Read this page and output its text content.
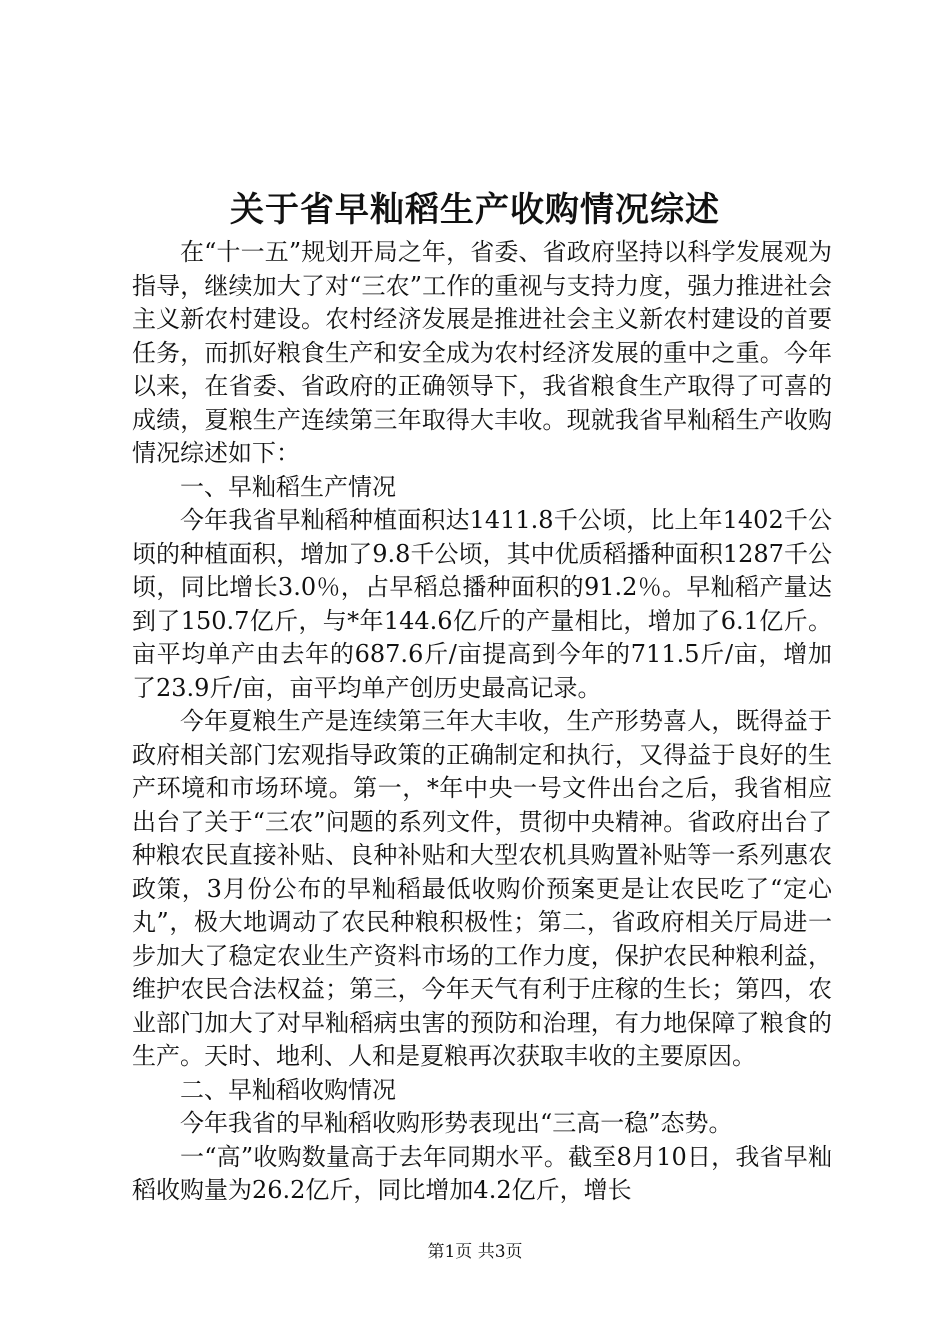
关于省早籼稻生产收购情况综述

在“十一五”规划开局之年，省委、省政府坚持以科学发展观为指导，继续加大了对“三农”工作的重视与支持力度，强力推进社会主义新农村建设。农村经济发展是推进社会主义新农村建设的首要任务，而抓好粮食生产和安全成为农村经济发展的重中之重。今年以来，在省委、省政府的正确领导下，我省粮食生产取得了可喜的成绩，夏粮生产连续第三年取得大丰收。现就我省早籼稻生产收购情况综述如下：

一、早籼稻生产情况

今年我省早籼稻种植面积达1411.8千公顷，比上年1402千公顷的种植面积，增加了9.8千公顷，其中优质稻播种面积1287千公顷，同比增长3.0％，占早稻总播种面积的91.2％。早籼稻产量达到了150.7亿斤，与*年144.6亿斤的产量相比，增加了6.1亿斤。亩平均单产由去年的687.6斤/亩提高到今年的711.5斤/亩，增加了23.9斤/亩，亩平均单产创历史最高记录。

今年夏粮生产是连续第三年大丰收，生产形势喜人，既得益于政府相关部门宏观指导政策的正确制定和执行，又得益于良好的生产环境和市场环境。第一，*年中央一号文件出台之后，我省相应出台了关于“三农”问题的系列文件，贯彻中央精神。省政府出台了种粮农民直接补贴、良种补贴和大型农机具购置补贴等一系列惠农政策，3月份公布的早籼稻最低收购价预案更是让农民吃了“定心丸”，极大地调动了农民种粮积极性；第二，省政府相关厅局进一步加大了稳定农业生产资料市场的工作力度，保护农民种粮利益，维护农民合法权益；第三，今年天气有利于庄稼的生长；第四，农业部门加大了对早籼稻病虫害的预防和治理，有力地保障了粮食的生产。天时、地利、人和是夏粮再次获取丰收的主要原因。

二、早籼稻收购情况

今年我省的早籼稻收购形势表现出“三高一稳”态势。

一“高”收购数量高于去年同期水平。截至8月10日，我省早籼稻收购量为26.2亿斤，同比增加4.2亿斤，增长

第1页 共3页
